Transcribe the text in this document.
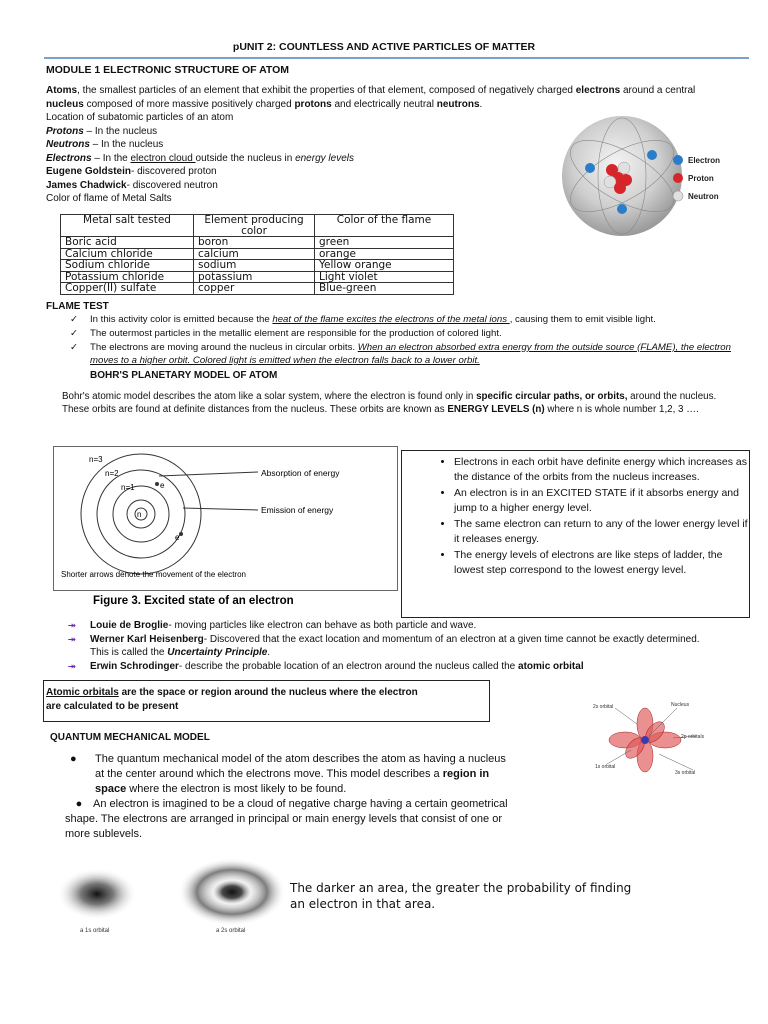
pUNIT 2: COUNTLESS AND ACTIVE PARTICLES OF MATTER
MODULE 1 ELECTRONIC STRUCTURE OF ATOM

Atoms, the smallest particles of an element that exhibit the properties of that element, composed of negatively charged electrons around a central
nucleus composed of more massive positively charged protons and electrically neutral neutrons.

Location of subatomic particles of an atom

Protons – In the nucleus

Neutrons – In the nucleus

Electrons – In the electron cloud outside the nucleus in energy levels

Eugene Goldstein- discovered proton

James Chadwick- discovered neutron

Color of flame of Metal Salts

Electron
Proton
Neutron
Metal salt tested	Element producing color	Color of the flame
Boric acid	boron	green
Calcium chloride	calcium	orange
Sodium chloride	sodium	Yellow orange
Potassium chloride	potassium	Light violet
Copper(II) sulfate	copper	Blue-green
FLAME TEST
✓	In this activity color is emitted because the heat of the flame excites the electrons of the metal ions , causing them to emit visible light.
✓	The outermost particles in the metallic element are responsible for the production of colored light.
✓	The electrons are moving around the nucleus in circular orbits. When an electron absorbed extra energy from the outside source (FLAME), the electron moves to a higher orbit. Colored light is emitted when the electron falls back to a lower orbit.
BOHR'S PLANETARY MODEL OF ATOM
Bohr's atomic model describes the atom like a solar system, where the electron is found only in specific circular paths, or orbits, around the nucleus. These orbits are found at definite distances from the nucleus. These orbits are known as ENERGY LEVELS (n) where n is whole number 1,2, 3 ….
n
n=3
n=2
n=1	e
e
Absorption of energy
Emission of energy
Shorter arrows denote the movement of the electron
Figure 3. Excited state of an electron
• Electrons in each orbit have definite energy which increases as the distance of the orbits from the nucleus increases.
• An electron is in an EXCITED STATE if it absorbs energy and jump to a higher energy level.
• The same electron can return to any of the lower energy level if it releases energy.
• The energy levels of electrons are like steps of ladder, the lowest step correspond to the lowest energy level.
⯮	Louie de Broglie- moving particles like electron can behave as both particle and wave.
⯮	Werner Karl Heisenberg- Discovered that the exact location and momentum of an electron at a given time cannot be exactly determined.
This is called the Uncertainty Principle.
⯮	Erwin Schrodinger- describe the probable location of an electron around the nucleus called the atomic orbital
Atomic orbitals are the space or region around the nucleus where the electron
are calculated to be present	2s orbital	Nucleus
2p orbitals
1s orbital
3s orbital
QUANTUM MECHANICAL MODEL
●	The quantum mechanical model of the atom describes the atom as having a nucleus at the center around which the electrons move. This model describes a region in space where the electron is most likely to be found.
● An electron is imagined to be a cloud of negative charge having a certain geometrical shape. The electrons are arranged in principal or main energy levels that consist of one or more sublevels.
a 1s orbital	a 2s orbital
The darker an area, the greater the probability of finding an electron in that area.
